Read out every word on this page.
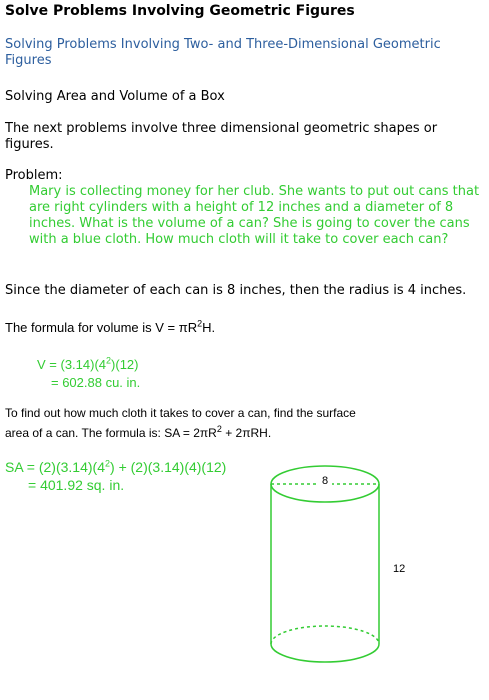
Solve Problems Involving Geometric Figures
Solving Problems Involving Two- and Three-Dimensional Geometric Figures
Solving Area and Volume of a Box
The next problems involve three dimensional geometric shapes or figures.
Problem:
Mary is collecting money for her club. She wants to put out cans that are right cylinders with a height of 12 inches and a diameter of 8 inches. What is the volume of a can? She is going to cover the cans with a blue cloth. How much cloth will it take to cover each can?
Since the diameter of each can is 8 inches, then the radius is 4 inches.
The formula for volume is $V = \pi R^2H$.
$V = (3.14)(4^2)(12)$
= 602.88 cu. in.
To find out how much cloth it takes to cover a can, find the surface
area of a can. The formula is: SA = $2\pi R^2 + 2\pi RH$.
SA = $(2)(3.14)(4^2) + (2)(3.14)(4)(12)$
= 401.92 sq. in.	8
12
